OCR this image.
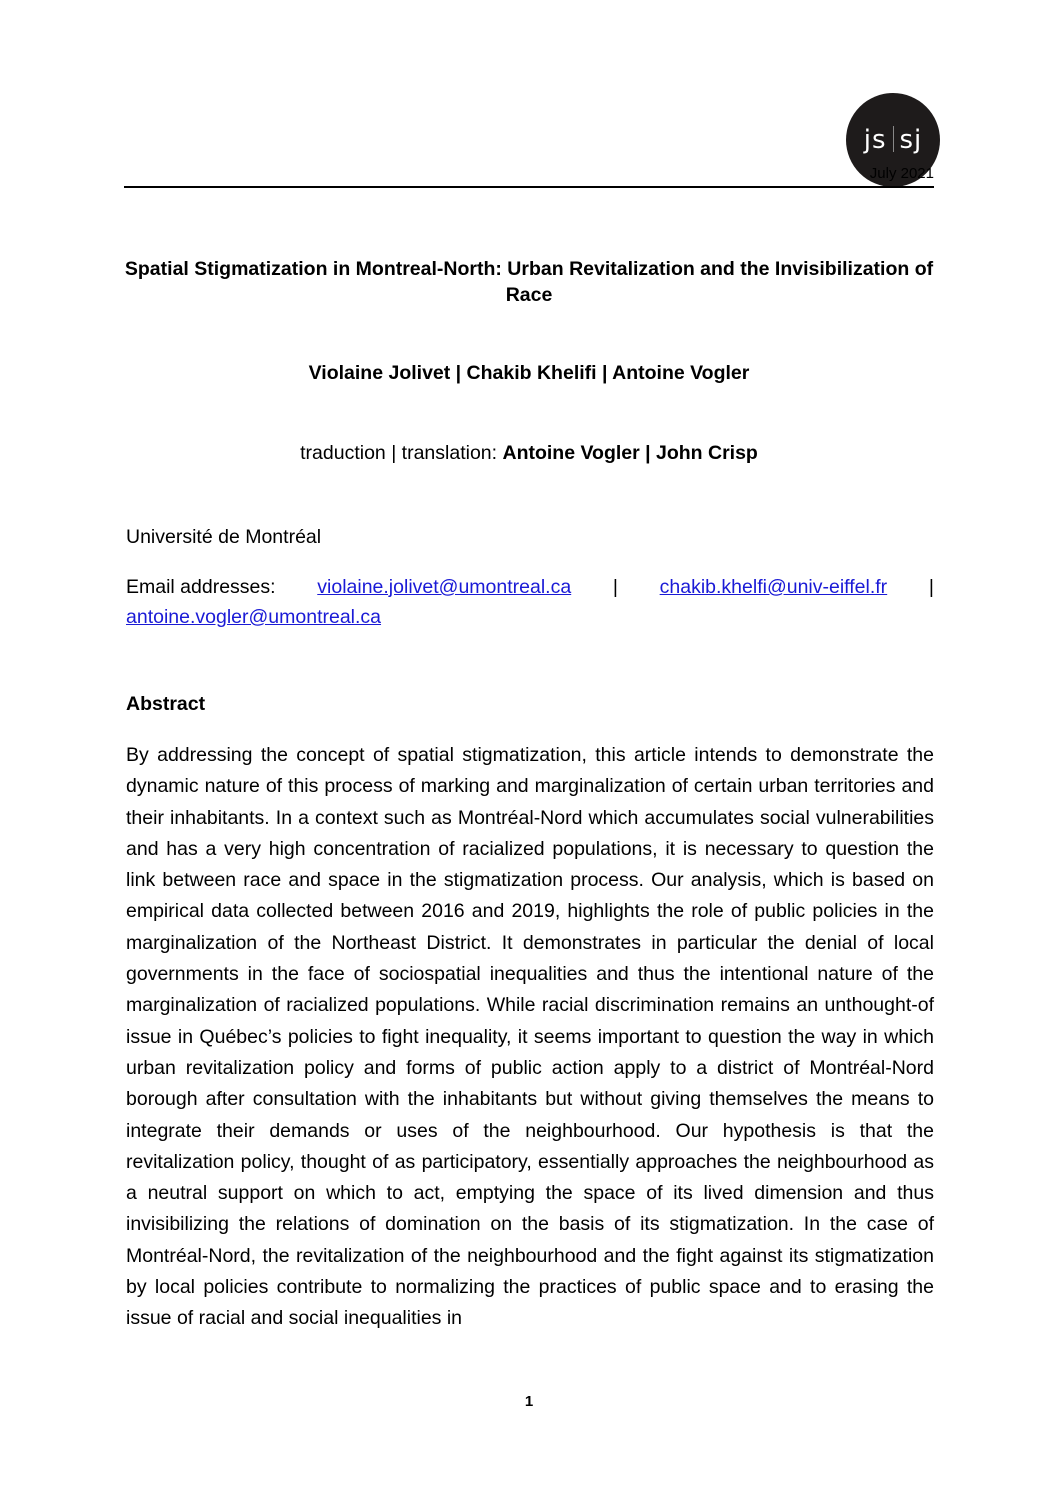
js sj
July 2021
Spatial Stigmatization in Montreal-North: Urban Revitalization and the Invisibilization of Race
Violaine Jolivet | Chakib Khelifi | Antoine Vogler
traduction | translation: Antoine Vogler | John Crisp
Université de Montréal
Email addresses: violaine.jolivet@umontreal.ca | chakib.khelfi@univ-eiffel.fr |
antoine.vogler@umontreal.ca
Abstract
By addressing the concept of spatial stigmatization, this article intends to demonstrate the dynamic nature of this process of marking and marginalization of certain urban territories and their inhabitants. In a context such as Montréal-Nord which accumulates social vulnerabilities and has a very high concentration of racialized populations, it is necessary to question the link between race and space in the stigmatization process. Our analysis, which is based on empirical data collected between 2016 and 2019, highlights the role of public policies in the marginalization of the Northeast District. It demonstrates in particular the denial of local governments in the face of sociospatial inequalities and thus the intentional nature of the marginalization of racialized populations. While racial discrimination remains an unthought-of issue in Québec’s policies to fight inequality, it seems important to question the way in which urban revitalization policy and forms of public action apply to a district of Montréal-Nord borough after consultation with the inhabitants but without giving themselves the means to integrate their demands or uses of the neighbourhood. Our hypothesis is that the revitalization policy, thought of as participatory, essentially approaches the neighbourhood as a neutral support on which to act, emptying the space of its lived dimension and thus invisibilizing the relations of domination on the basis of its stigmatization. In the case of Montréal-Nord, the revitalization of the neighbourhood and the fight against its stigmatization by local policies contribute to normalizing the practices of public space and to erasing the issue of racial and social inequalities in
1
